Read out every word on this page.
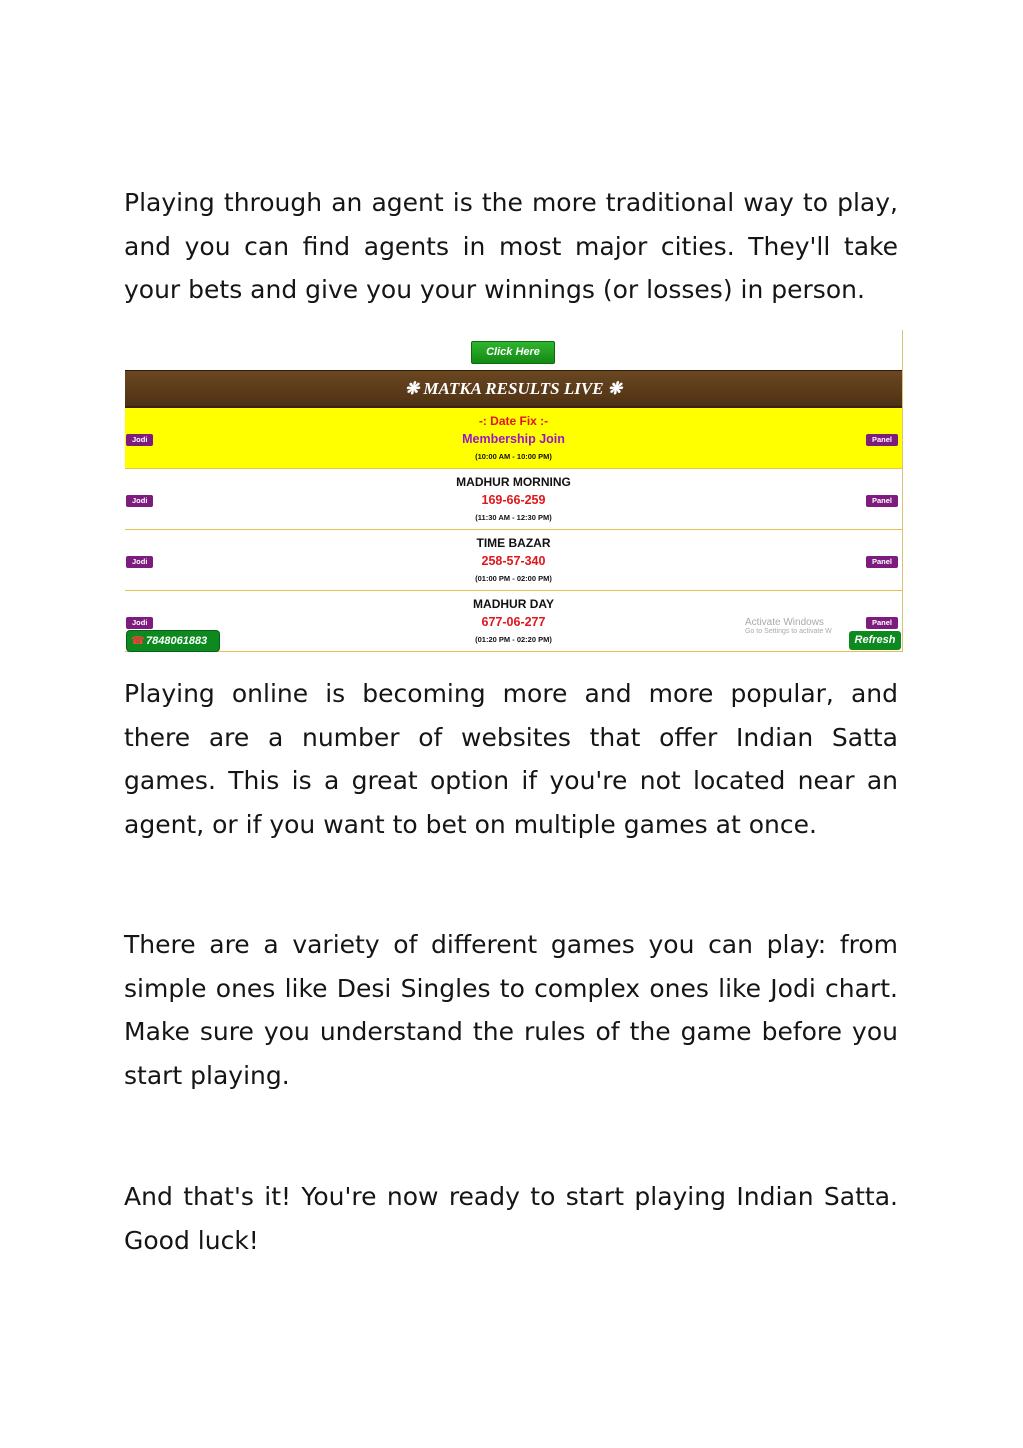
Playing through an agent is the more traditional way to play, and you can find agents in most major cities. They'll take your bets and give you your winnings (or losses) in person.

Click Here
❋ MATKA RESULTS LIVE ❋
-: Date Fix :-
Membership Join
(10:00 AM - 10:00 PM)
Jodi	Panel
MADHUR MORNING
169-66-259
(11:30 AM - 12:30 PM)
Jodi	Panel
TIME BAZAR
258-57-340
(01:00 PM - 02:00 PM)
Jodi	Panel
MADHUR DAY
677-06-277
(01:20 PM - 02:20 PM)
Jodi	Panel
Activate Windows
Go to Settings to activate W
☎7848061883	Refresh

Playing online is becoming more and more popular, and there are a number of websites that offer Indian Satta games. This is a great option if you're not located near an agent, or if you want to bet on multiple games at once.

There are a variety of different games you can play: from simple ones like Desi Singles to complex ones like Jodi chart. Make sure you understand the rules of the game before you start playing.

And that's it! You're now ready to start playing Indian Satta. Good luck!
